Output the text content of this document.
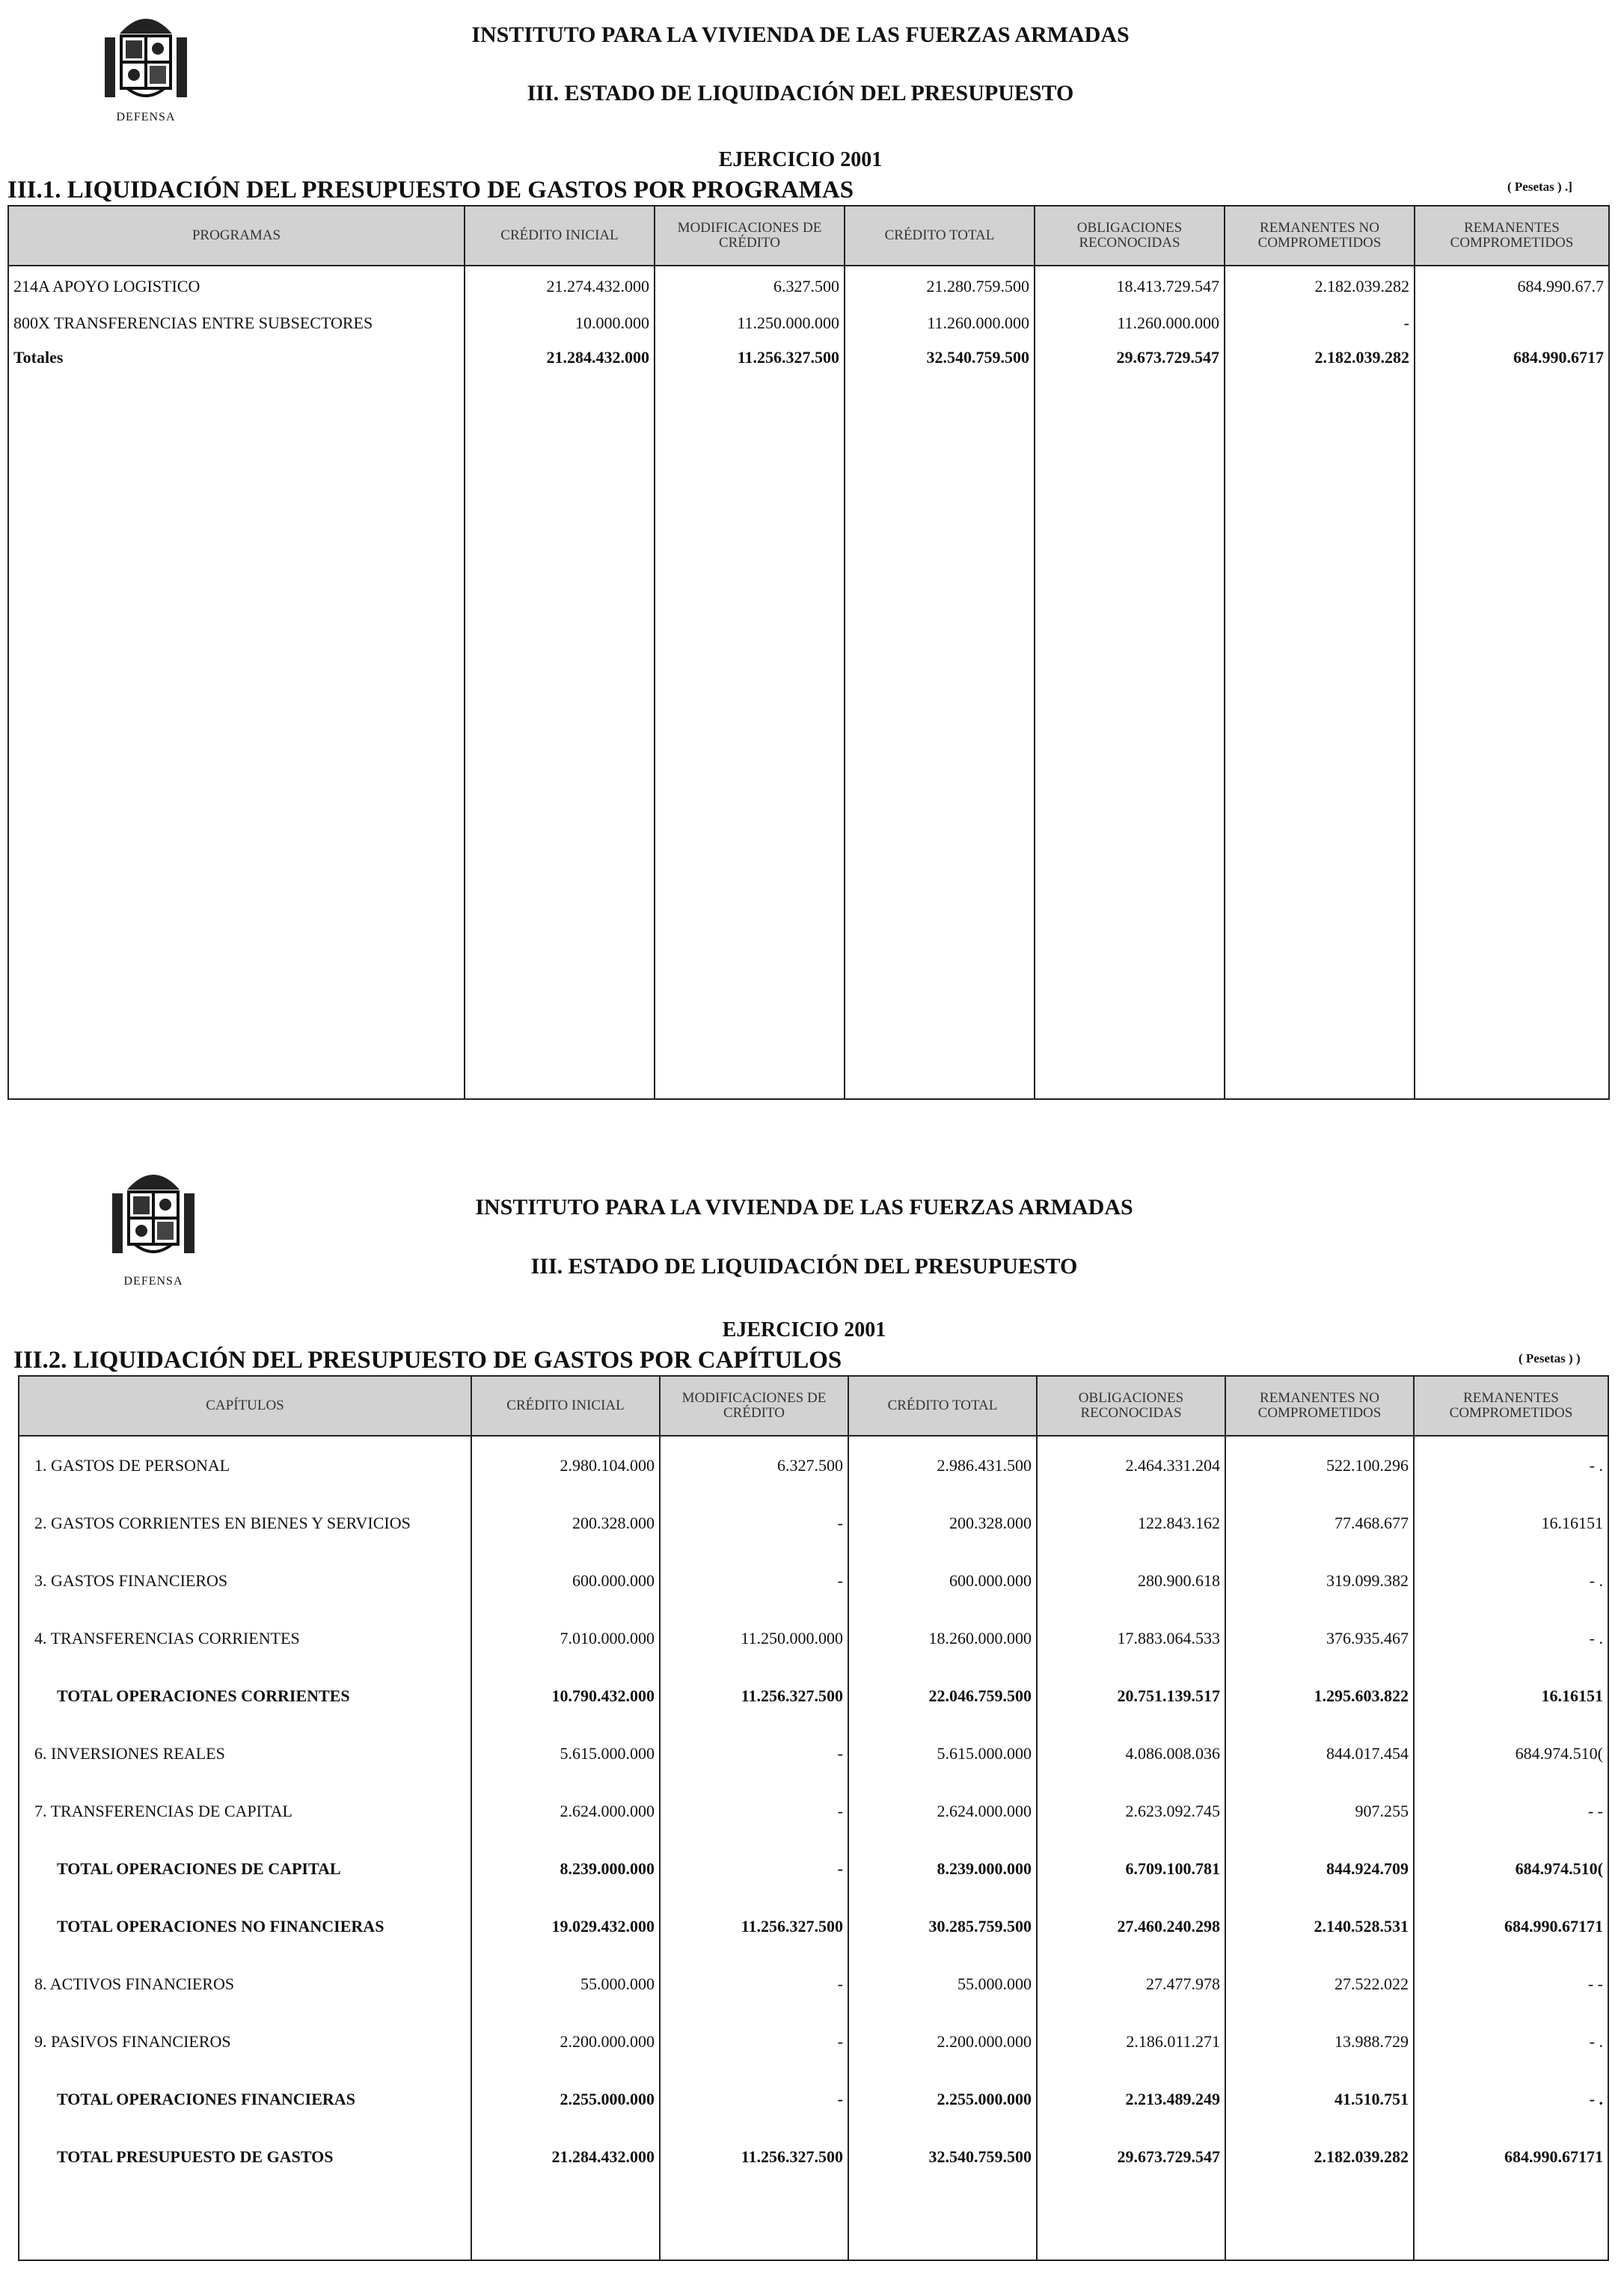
DEFENSA
INSTITUTO PARA LA VIVIENDA DE LAS FUERZAS ARMADAS
III. ESTADO DE LIQUIDACIÓN DEL PRESUPUESTO
EJERCICIO 2001
III.1. LIQUIDACIÓN DEL PRESUPUESTO DE GASTOS POR PROGRAMAS	( Pesetas ) .]
PROGRAMAS	CRÉDITO INICIAL	MODIFICACIONES DE CRÉDITO	CRÉDITO TOTAL	OBLIGACIONES RECONOCIDAS	REMANENTES NO COMPROMETIDOS	REMANENTES COMPROMETIDOS
214A APOYO LOGISTICO	21.274.432.000	6.327.500	21.280.759.500	18.413.729.547	2.182.039.282	684.990.67.7
800X TRANSFERENCIAS ENTRE SUBSECTORES	10.000.000	11.250.000.000	11.260.000.000	11.260.000.000	-	
Totales	21.284.432.000	11.256.327.500	32.540.759.500	29.673.729.547	2.182.039.282	684.990.6717

DEFENSA
INSTITUTO PARA LA VIVIENDA DE LAS FUERZAS ARMADAS
III. ESTADO DE LIQUIDACIÓN DEL PRESUPUESTO
EJERCICIO 2001
III.2. LIQUIDACIÓN DEL PRESUPUESTO DE GASTOS POR CAPÍTULOS	( Pesetas ) )
CAPÍTULOS	CRÉDITO INICIAL	MODIFICACIONES DE CRÉDITO	CRÉDITO TOTAL	OBLIGACIONES RECONOCIDAS	REMANENTES NO COMPROMETIDOS	REMANENTES COMPROMETIDOS
1. GASTOS DE PERSONAL	2.980.104.000	6.327.500	2.986.431.500	2.464.331.204	522.100.296	- .
2. GASTOS CORRIENTES EN BIENES Y SERVICIOS	200.328.000	-	200.328.000	122.843.162	77.468.677	16.16151
3. GASTOS FINANCIEROS	600.000.000	-	600.000.000	280.900.618	319.099.382	- .
4. TRANSFERENCIAS CORRIENTES	7.010.000.000	11.250.000.000	18.260.000.000	17.883.064.533	376.935.467	- .
TOTAL OPERACIONES CORRIENTES	10.790.432.000	11.256.327.500	22.046.759.500	20.751.139.517	1.295.603.822	16.16151
6. INVERSIONES REALES	5.615.000.000	-	5.615.000.000	4.086.008.036	844.017.454	684.974.510(
7. TRANSFERENCIAS DE CAPITAL	2.624.000.000	-	2.624.000.000	2.623.092.745	907.255	- -
TOTAL OPERACIONES DE CAPITAL	8.239.000.000	-	8.239.000.000	6.709.100.781	844.924.709	684.974.510(
TOTAL OPERACIONES NO FINANCIERAS	19.029.432.000	11.256.327.500	30.285.759.500	27.460.240.298	2.140.528.531	684.990.67171
8. ACTIVOS FINANCIEROS	55.000.000	-	55.000.000	27.477.978	27.522.022	- -
9. PASIVOS FINANCIEROS	2.200.000.000	-	2.200.000.000	2.186.011.271	13.988.729	- .
TOTAL OPERACIONES FINANCIERAS	2.255.000.000	-	2.255.000.000	2.213.489.249	41.510.751	- .
TOTAL PRESUPUESTO DE GASTOS	21.284.432.000	11.256.327.500	32.540.759.500	29.673.729.547	2.182.039.282	684.990.67171
